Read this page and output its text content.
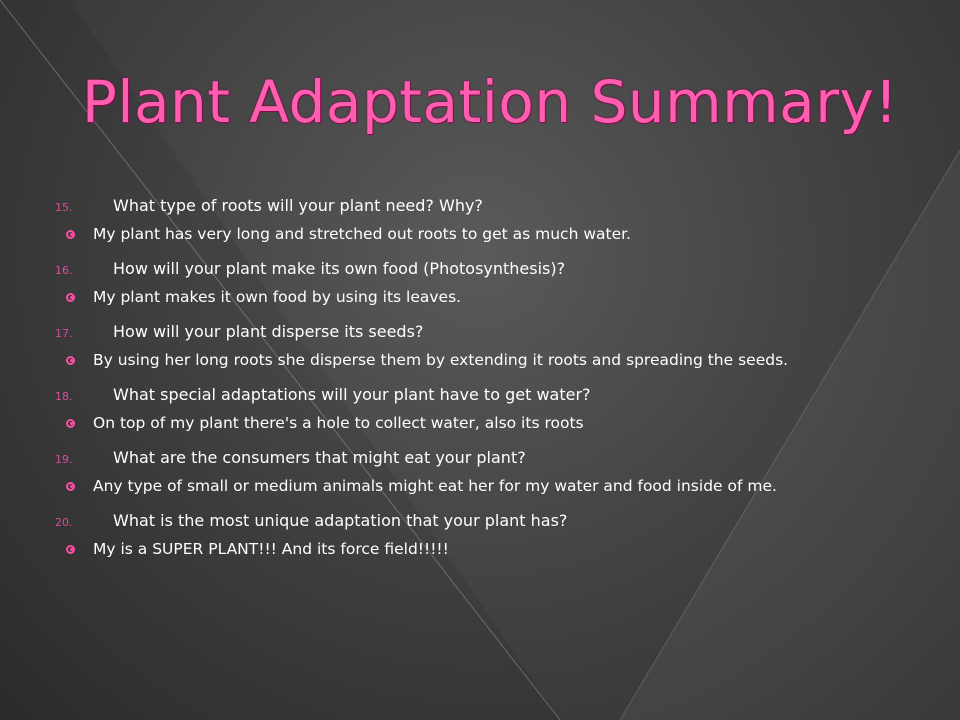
Plant Adaptation Summary!
15.	What type of roots will your plant need? Why?
My plant has very long and stretched out roots to get as much water.
16.	How will your plant make its own food (Photosynthesis)?
My plant makes it own food by using its leaves.
17.	How will your plant disperse its seeds?
By using her long roots she disperse them by extending it roots and spreading the seeds.
18.	What special adaptations will your plant have to get water?
On top of my plant there's a hole to collect water, also its roots
19.	What are the consumers that might eat your plant?
Any type of small or medium animals might eat her for my water and food inside of me.
20.	What is the most unique adaptation that your plant has?
My is a SUPER PLANT!!! And its force field!!!!!
